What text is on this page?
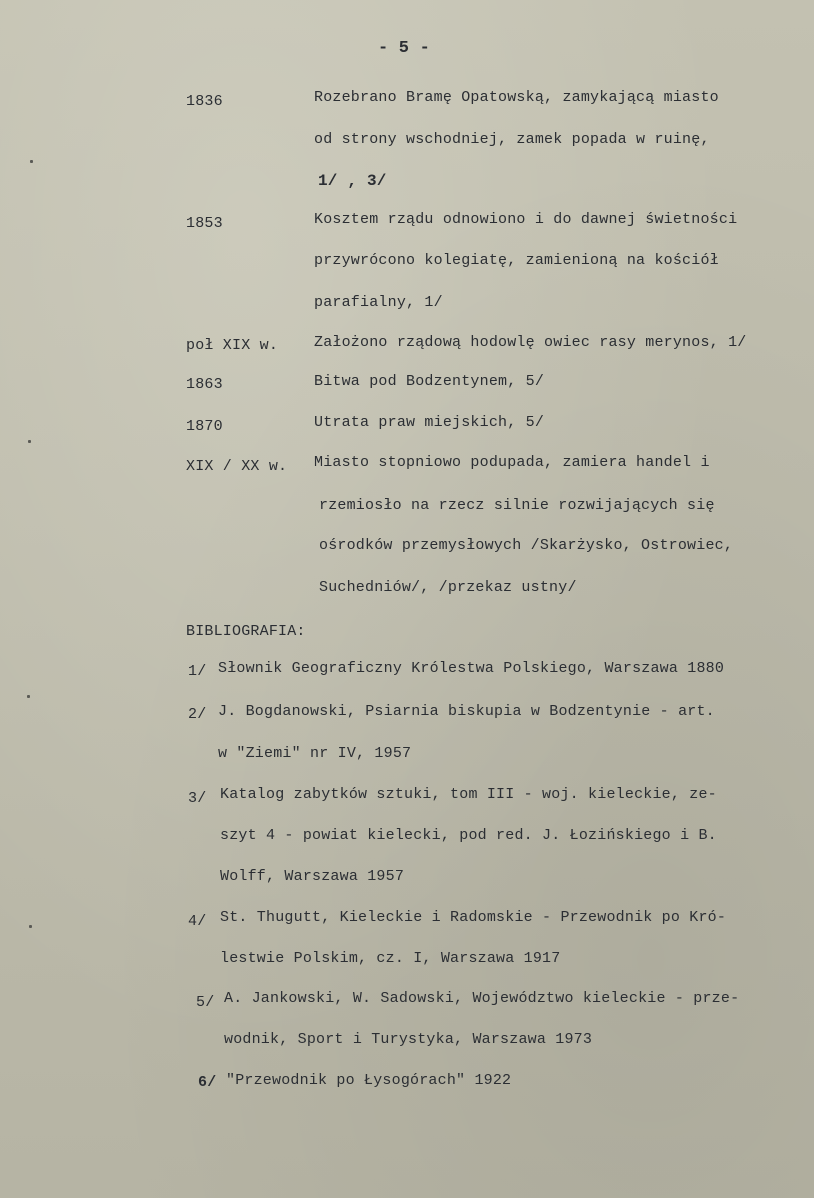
- 5 -
1836	Rozebrano Bramę Opatowską, zamykającą miasto
od strony wschodniej, zamek popada w ruinę,
1/ , 3/
1853	Kosztem rządu odnowiono i do dawnej świetności
przywrócono kolegiatę, zamienioną na kościół
parafialny, 1/
poł XIX w. Założono rządową hodowlę owiec rasy merynos, 1/
1863	Bitwa pod Bodzentynem, 5/
1870	Utrata praw miejskich, 5/
XIX / XX w. Miasto stopniowo podupada, zamiera handel i
rzemiosło na rzecz silnie rozwijających się
ośrodków przemysłowych /Skarżysko, Ostrowiec,
Suchedniów/, /przekaz ustny/
BIBLIOGRAFIA:
1/ Słownik Geograficzny Królestwa Polskiego, Warszawa 1880
2/ J. Bogdanowski, Psiarnia biskupia w Bodzentynie - art.
w "Ziemi" nr IV, 1957
3/ Katalog zabytków sztuki, tom III - woj. kieleckie, ze-
szyt 4 - powiat kielecki, pod red. J. Łozińskiego i B.
Wolff, Warszawa 1957
4/ St. Thugutt, Kieleckie i Radomskie - Przewodnik po Kró-
lestwie Polskim, cz. I, Warszawa 1917
5/ A. Jankowski, W. Sadowski, Województwo kieleckie - prze-
wodnik, Sport i Turystyka, Warszawa 1973
6/ "Przewodnik po Łysogórach" 1922
